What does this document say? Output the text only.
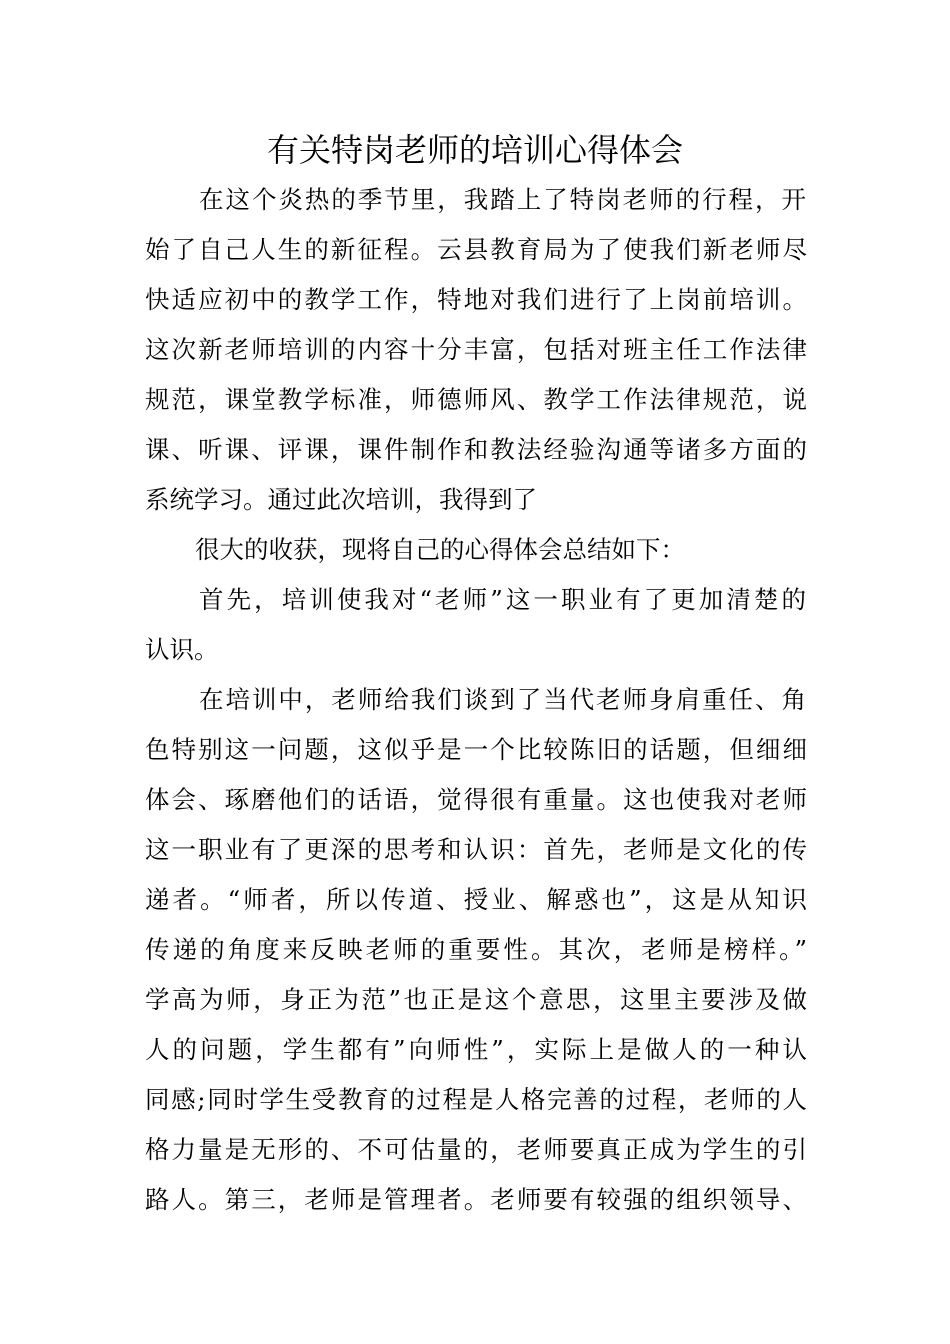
有关特岗老师的培训心得体会
在这个炎热的季节里，我踏上了特岗老师的行程，开
始了自己人生的新征程。云县教育局为了使我们新老师尽
快适应初中的教学工作，特地对我们进行了上岗前培训。
这次新老师培训的内容十分丰富，包括对班主任工作法律
规范，课堂教学标准，师德师风、教学工作法律规范，说
课、听课、评课，课件制作和教法经验沟通等诸多方面的
系统学习。通过此次培训，我得到了
很大的收获，现将自己的心得体会总结如下：
首先，培训使我对“老师”这一职业有了更加清楚的
认识。
在培训中，老师给我们谈到了当代老师身肩重任、角
色特别这一问题，这似乎是一个比较陈旧的话题，但细细
体会、琢磨他们的话语，觉得很有重量。这也使我对老师
这一职业有了更深的思考和认识：首先，老师是文化的传
递者。“师者，所以传道、授业、解惑也”，这是从知识
传递的角度来反映老师的重要性。其次，老师是榜样。”
学高为师，身正为范”也正是这个意思，这里主要涉及做
人的问题，学生都有”向师性”，实际上是做人的一种认
同感;同时学生受教育的过程是人格完善的过程，老师的人
格力量是无形的、不可估量的，老师要真正成为学生的引
路人。第三，老师是管理者。老师要有较强的组织领导、
